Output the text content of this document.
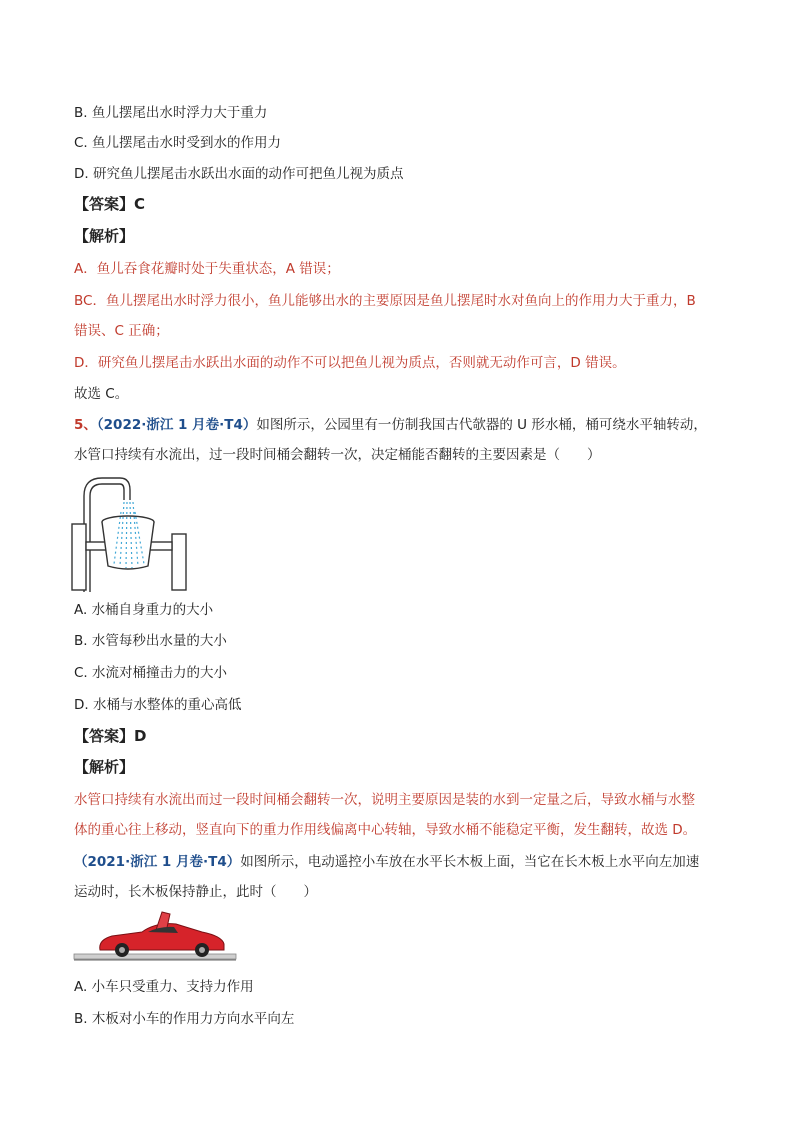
B. 鱼儿摆尾出水时浮力大于重力
C. 鱼儿摆尾击水时受到水的作用力
D. 研究鱼儿摆尾击水跃出水面的动作可把鱼儿视为质点
【答案】C
【解析】
A．鱼儿吞食花瓣时处于失重状态，A 错误；
BC．鱼儿摆尾出水时浮力很小，鱼儿能够出水的主要原因是鱼儿摆尾时水对鱼向上的作用力大于重力，B
错误、C 正确；
D．研究鱼儿摆尾击水跃出水面的动作不可以把鱼儿视为质点，否则就无动作可言，D 错误。
故选 C。
5、（2022·浙江 1 月卷·T4）如图所示，公园里有一仿制我国古代欹器的 U 形水桶，桶可绕水平轴转动，
水管口持续有水流出，过一段时间桶会翻转一次，决定桶能否翻转的主要因素是（　　）
A. 水桶自身重力的大小
B. 水管每秒出水量的大小
C. 水流对桶撞击力的大小
D. 水桶与水整体的重心高低
【答案】D
【解析】
水管口持续有水流出而过一段时间桶会翻转一次，说明主要原因是装的水到一定量之后，导致水桶与水整
体的重心往上移动，竖直向下的重力作用线偏离中心转轴，导致水桶不能稳定平衡，发生翻转，故选 D。
（2021·浙江 1 月卷·T4）如图所示，电动遥控小车放在水平长木板上面，当它在长木板上水平向左加速
运动时，长木板保持静止，此时（　　）
A. 小车只受重力、支持力作用
B. 木板对小车的作用力方向水平向左
